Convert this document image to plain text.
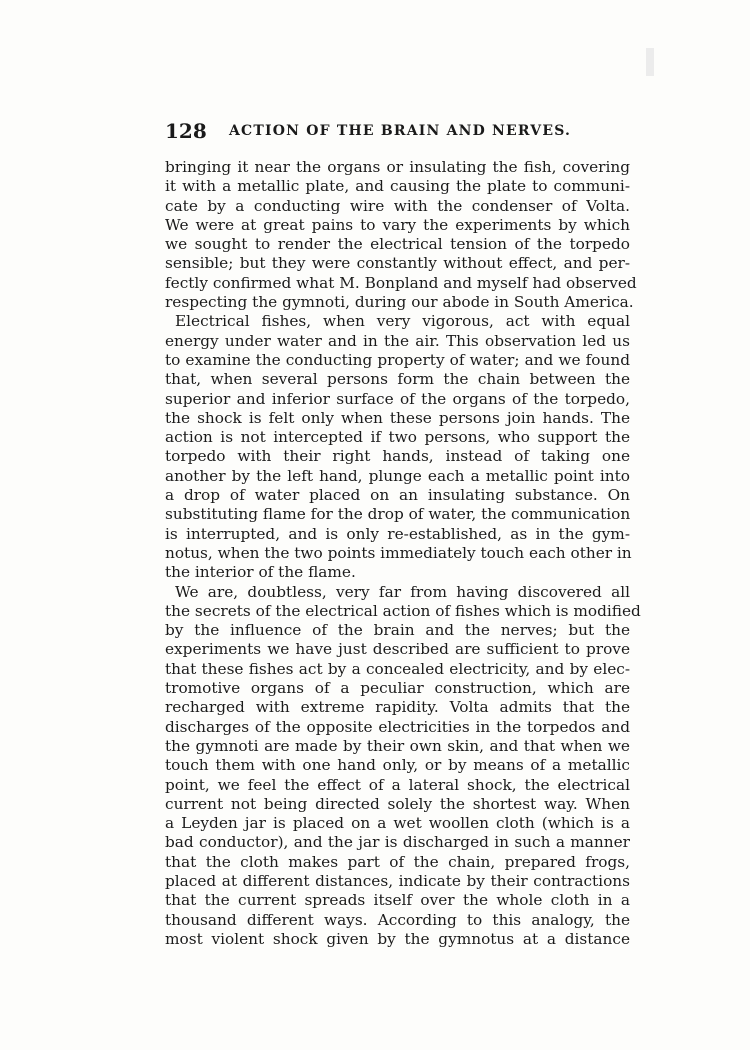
128 ACTION OF THE BRAIN AND NERVES.
bringing it near the organs or insulating the fish, covering
it with a metallic plate, and causing the plate to communi-
cate by a conducting wire with the condenser of Volta.
We were at great pains to vary the experiments by which
we sought to render the electrical tension of the torpedo
sensible; but they were constantly without effect, and per-
fectly confirmed what M. Bonpland and myself had observed
respecting the gymnoti, during our abode in South America.
Electrical fishes, when very vigorous, act with equal
energy under water and in the air. This observation led us
to examine the conducting property of water; and we found
that, when several persons form the chain between the
superior and inferior surface of the organs of the torpedo,
the shock is felt only when these persons join hands. The
action is not intercepted if two persons, who support the
torpedo with their right hands, instead of taking one
another by the left hand, plunge each a metallic point into
a drop of water placed on an insulating substance. On
substituting flame for the drop of water, the communication
is interrupted, and is only re-established, as in the gym-
notus, when the two points immediately touch each other in
the interior of the flame.
We are, doubtless, very far from having discovered all
the secrets of the electrical action of fishes which is modified
by the influence of the brain and the nerves; but the
experiments we have just described are sufficient to prove
that these fishes act by a concealed electricity, and by elec-
tromotive organs of a peculiar construction, which are
recharged with extreme rapidity. Volta admits that the
discharges of the opposite electricities in the torpedos and
the gymnoti are made by their own skin, and that when we
touch them with one hand only, or by means of a metallic
point, we feel the effect of a lateral shock, the electrical
current not being directed solely the shortest way. When
a Leyden jar is placed on a wet woollen cloth (which is a
bad conductor), and the jar is discharged in such a manner
that the cloth makes part of the chain, prepared frogs,
placed at different distances, indicate by their contractions
that the current spreads itself over the whole cloth in a
thousand different ways. According to this analogy, the
most violent shock given by the gymnotus at a distance
